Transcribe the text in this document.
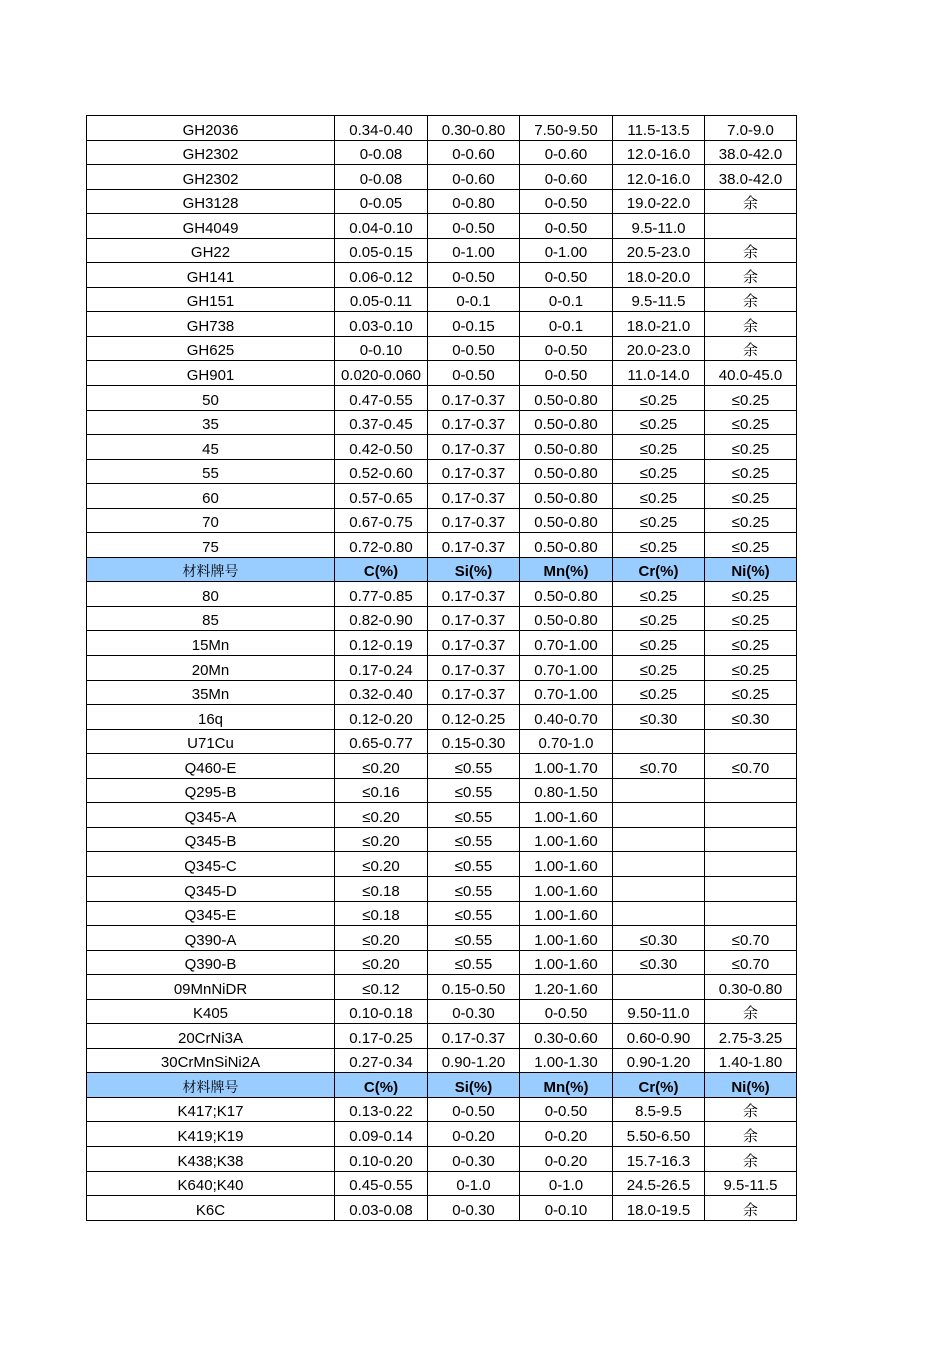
GH2036	0.34-0.40	0.30-0.80	7.50-9.50	11.5-13.5	7.0-9.0
GH2302	0-0.08	0-0.60	0-0.60	12.0-16.0	38.0-42.0
GH2302	0-0.08	0-0.60	0-0.60	12.0-16.0	38.0-42.0
GH3128	0-0.05	0-0.80	0-0.50	19.0-22.0	余
GH4049	0.04-0.10	0-0.50	0-0.50	9.5-11.0	
GH22	0.05-0.15	0-1.00	0-1.00	20.5-23.0	余
GH141	0.06-0.12	0-0.50	0-0.50	18.0-20.0	余
GH151	0.05-0.11	0-0.1	0-0.1	9.5-11.5	余
GH738	0.03-0.10	0-0.15	0-0.1	18.0-21.0	余
GH625	0-0.10	0-0.50	0-0.50	20.0-23.0	余
GH901	0.020-0.060	0-0.50	0-0.50	11.0-14.0	40.0-45.0
50	0.47-0.55	0.17-0.37	0.50-0.80	≤0.25	≤0.25
35	0.37-0.45	0.17-0.37	0.50-0.80	≤0.25	≤0.25
45	0.42-0.50	0.17-0.37	0.50-0.80	≤0.25	≤0.25
55	0.52-0.60	0.17-0.37	0.50-0.80	≤0.25	≤0.25
60	0.57-0.65	0.17-0.37	0.50-0.80	≤0.25	≤0.25
70	0.67-0.75	0.17-0.37	0.50-0.80	≤0.25	≤0.25
75	0.72-0.80	0.17-0.37	0.50-0.80	≤0.25	≤0.25
材料牌号	C(%)	Si(%)	Mn(%)	Cr(%)	Ni(%)
80	0.77-0.85	0.17-0.37	0.50-0.80	≤0.25	≤0.25
85	0.82-0.90	0.17-0.37	0.50-0.80	≤0.25	≤0.25
15Mn	0.12-0.19	0.17-0.37	0.70-1.00	≤0.25	≤0.25
20Mn	0.17-0.24	0.17-0.37	0.70-1.00	≤0.25	≤0.25
35Mn	0.32-0.40	0.17-0.37	0.70-1.00	≤0.25	≤0.25
16q	0.12-0.20	0.12-0.25	0.40-0.70	≤0.30	≤0.30
U71Cu	0.65-0.77	0.15-0.30	0.70-1.0		
Q460-E	≤0.20	≤0.55	1.00-1.70	≤0.70	≤0.70
Q295-B	≤0.16	≤0.55	0.80-1.50		
Q345-A	≤0.20	≤0.55	1.00-1.60		
Q345-B	≤0.20	≤0.55	1.00-1.60		
Q345-C	≤0.20	≤0.55	1.00-1.60		
Q345-D	≤0.18	≤0.55	1.00-1.60		
Q345-E	≤0.18	≤0.55	1.00-1.60		
Q390-A	≤0.20	≤0.55	1.00-1.60	≤0.30	≤0.70
Q390-B	≤0.20	≤0.55	1.00-1.60	≤0.30	≤0.70
09MnNiDR	≤0.12	0.15-0.50	1.20-1.60		0.30-0.80
K405	0.10-0.18	0-0.30	0-0.50	9.50-11.0	余
20CrNi3A	0.17-0.25	0.17-0.37	0.30-0.60	0.60-0.90	2.75-3.25
30CrMnSiNi2A	0.27-0.34	0.90-1.20	1.00-1.30	0.90-1.20	1.40-1.80
材料牌号	C(%)	Si(%)	Mn(%)	Cr(%)	Ni(%)
K417;K17	0.13-0.22	0-0.50	0-0.50	8.5-9.5	余
K419;K19	0.09-0.14	0-0.20	0-0.20	5.50-6.50	余
K438;K38	0.10-0.20	0-0.30	0-0.20	15.7-16.3	余
K640;K40	0.45-0.55	0-1.0	0-1.0	24.5-26.5	9.5-11.5
K6C	0.03-0.08	0-0.30	0-0.10	18.0-19.5	余
